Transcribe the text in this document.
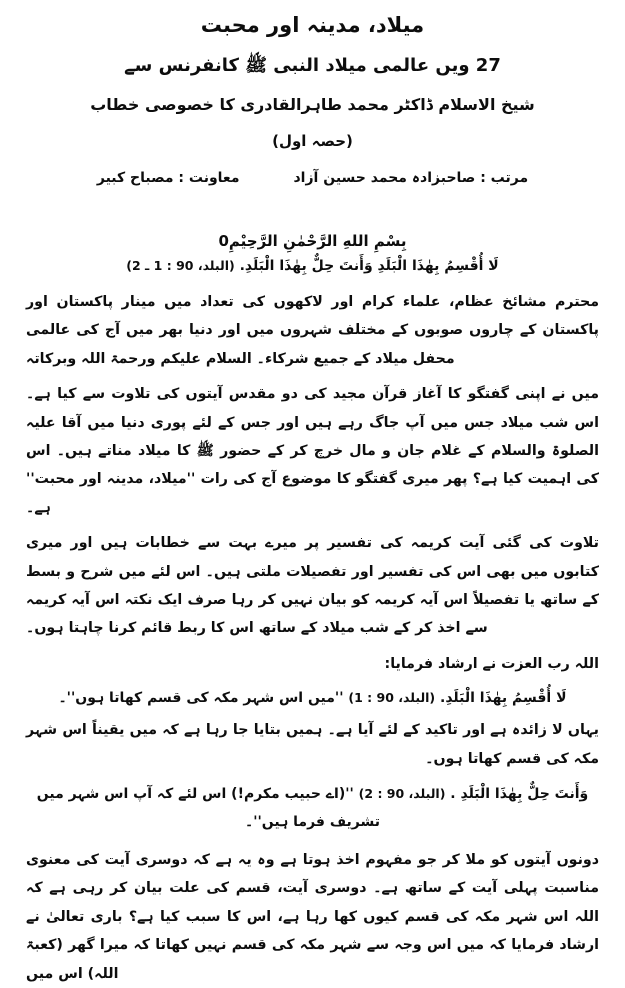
میلاد، مدینہ اور محبت
27 ویں عالمی میلاد النبی ﷺ کانفرنس سے
شیخ الاسلام ڈاکٹر محمد طاہرالقادری کا خصوصی خطاب
(حصہ اول)
مرتب : صاحبزادہ محمد حسین آزاد
معاونت : مصباح کبیر
بِسْمِ اللهِ الرَّحْمٰنِ الرَّحِيْمِ0
لَا أُقْسِمُ بِهٰذَا الْبَلَدِ وَأَنتَ حِلٌّ بِهٰذَا الْبَلَدِ. (البلد، 90 : 1 ـ 2)

محترم مشائخ عظام، علماء کرام اور لاکھوں کی تعداد میں مینار پاکستان اور پاکستان کے چاروں صوبوں کے مختلف شہروں میں اور دنیا بھر میں آج کی عالمی محفل میلاد کے جمیع شرکاء۔ السلام علیکم ورحمۃ اللہ وبرکاتہ

میں نے اپنی گفتگو کا آغاز قرآن مجید کی دو مقدس آیتوں کی تلاوت سے کیا ہے۔ اس شب میلاد جس میں آپ جاگ رہے ہیں اور جس کے لئے پوری دنیا میں آقا علیہ الصلوۃ والسلام کے غلام جان و مال خرچ کر کے حضور ﷺ کا میلاد مناتے ہیں۔ اس کی اہمیت کیا ہے؟ پھر میری گفتگو کا موضوع آج کی رات ''میلاد، مدینہ اور محبت'' ہے۔

تلاوت کی گئی آیت کریمہ کی تفسیر پر میرے بہت سے خطابات ہیں اور میری کتابوں میں بھی اس کی تفسیر اور تفصیلات ملتی ہیں۔ اس لئے میں شرح و بسط کے ساتھ یا تفصیلاً اس آیہ کریمہ کو بیان نہیں کر رہا صرف ایک نکتہ اس آیہ کریمہ سے اخذ کر کے شب میلاد کے ساتھ اس کا ربط قائم کرنا چاہتا ہوں۔

اللہ رب العزت نے ارشاد فرمایا:
لَا أُقْسِمُ بِهٰذَا الْبَلَدِ. (البلد، 90 : 1) ''میں اس شہر مکہ کی قسم کھاتا ہوں''۔

یہاں لا زائدہ ہے اور تاکید کے لئے آیا ہے۔ ہمیں بتایا جا رہا ہے کہ میں یقیناً اس شہر مکہ کی قسم کھاتا ہوں۔

وَأَنتَ حِلٌّ بِهٰذَا الْبَلَدِ . (البلد، 90 : 2) ''(اے حبیب مکرم!) اس لئے کہ آپ اس شہر میں تشریف فرما ہیں''۔

دونوں آیتوں کو ملا کر جو مفہوم اخذ ہوتا ہے وہ یہ ہے کہ دوسری آیت کی معنوی مناسبت پہلی آیت کے ساتھ ہے۔ دوسری آیت، قسم کی علت بیان کر رہی ہے کہ اللہ اس شہر مکہ کی قسم کیوں کھا رہا ہے، اس کا سبب کیا ہے؟ باری تعالیٰ نے ارشاد فرمایا کہ میں اس وجہ سے شہر مکہ کی قسم نہیں کھاتا کہ میرا گھر (کعبۃ اللہ) اس میں
